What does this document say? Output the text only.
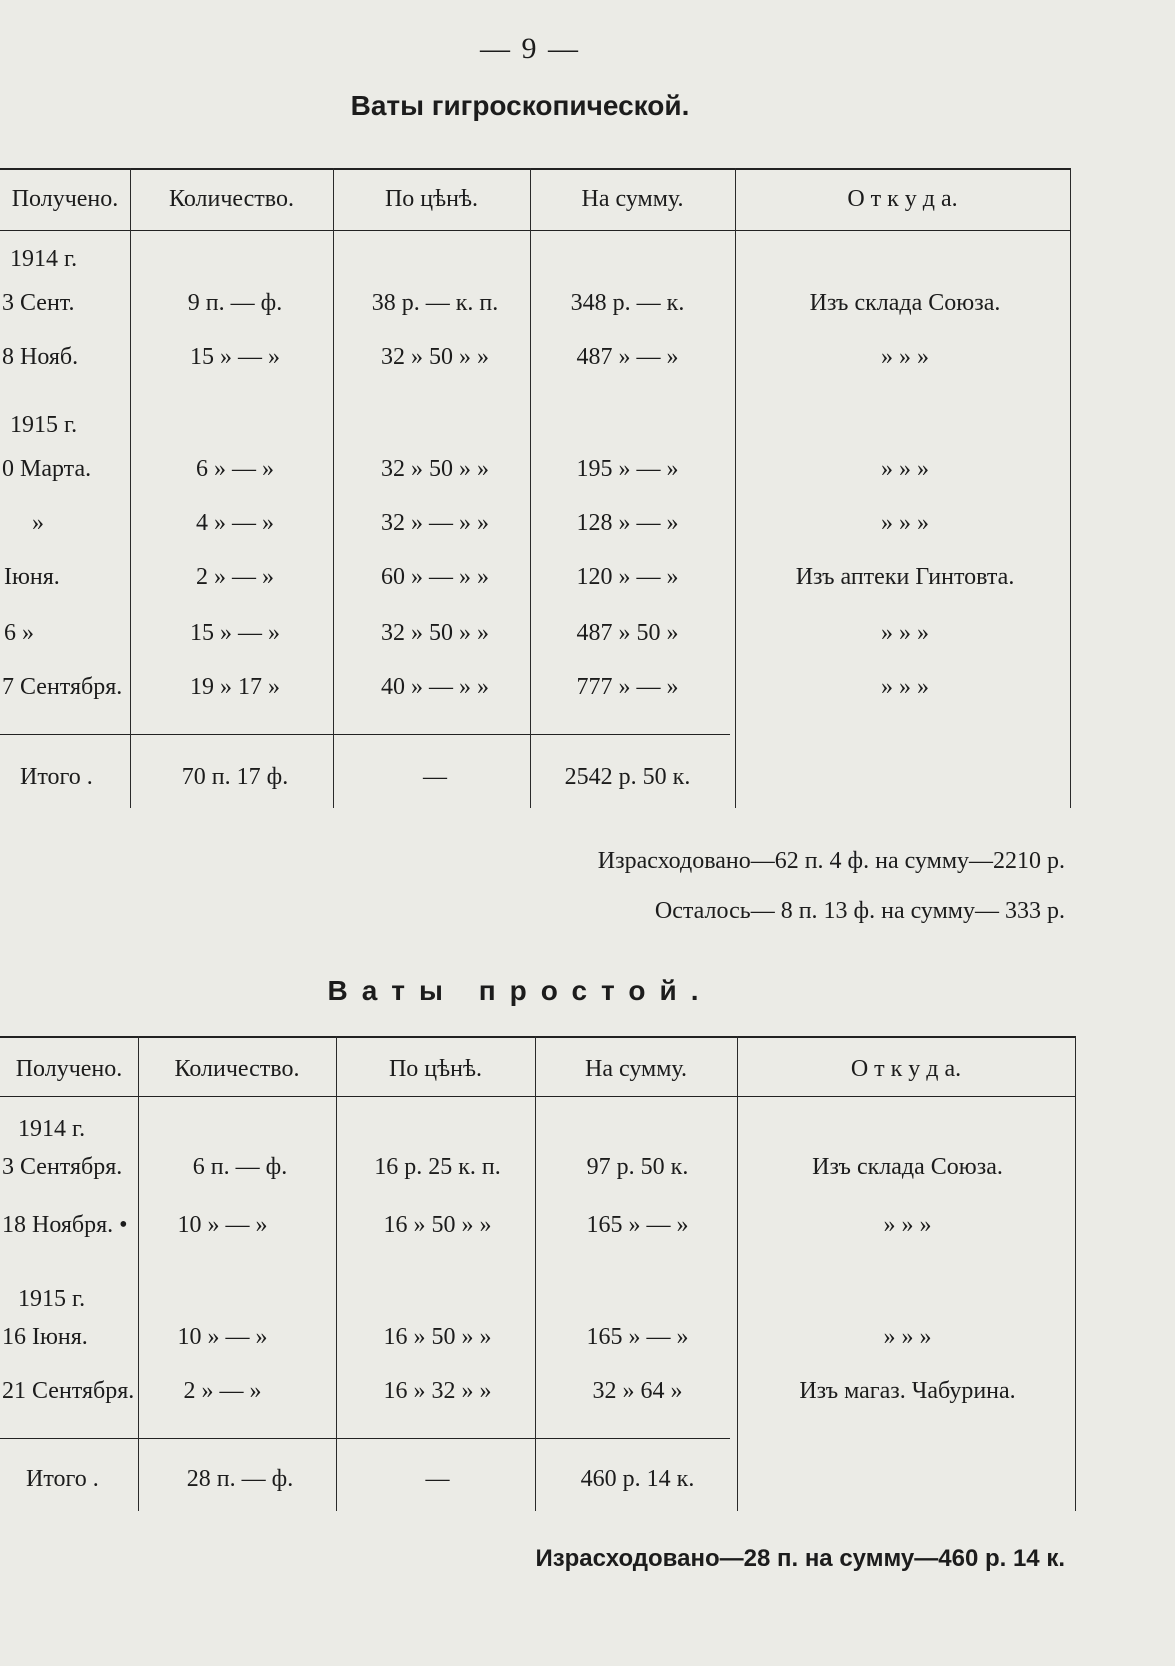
— 9 —
Ваты гигроскопической.
Получено.	Количество.	По цѣнѣ.	На сумму.	О т к у д а.
1914 г.
3 Сент.	9 п. — ф.	38 р. — к. п.	348 р. — к.	Изъ склада Союза.
8 Нояб.	15 » — »	32 » 50 » »	487 » — »	» » »
1915 г.
0 Марта.	6 » — »	32 » 50 » »	195 » — »	» » »
»	4 » — »	32 » — » »	128 » — »	» » »
Iюня.	2 » — »	60 » — » »	120 » — »	Изъ аптеки Гинтовта.
6 »	15 » — »	32 » 50 » »	487 » 50 »	» » »
7 Сентября.	19 » 17 »	40 » — » »	777 » — »	» » »
Итого .	70 п. 17 ф.	—	2542 р. 50 к.
Израсходовано—62 п. 4 ф. на сумму—2210 р.
Осталось— 8 п. 13 ф. на сумму— 333 р.
Ваты простой.
Получено.	Количество.	По цѣнѣ.	На сумму.	О т к у д а.
1914 г.
3 Сентября.	6 п. — ф.	16 р. 25 к. п.	97 р. 50 к.	Изъ склада Союза.
18 Ноября. •	10 » — »	16 » 50 » »	165 » — »	» » »
1915 г.
16 Iюня.	10 » — »	16 » 50 » »	165 » — »	» » »
21 Сентября.	2 » — »	16 » 32 » »	32 » 64 »	Изъ магаз. Чабурина.
Итого .	28 п. — ф.	—	460 р. 14 к.
Израсходовано—28 п. на сумму—460 р. 14 к.
